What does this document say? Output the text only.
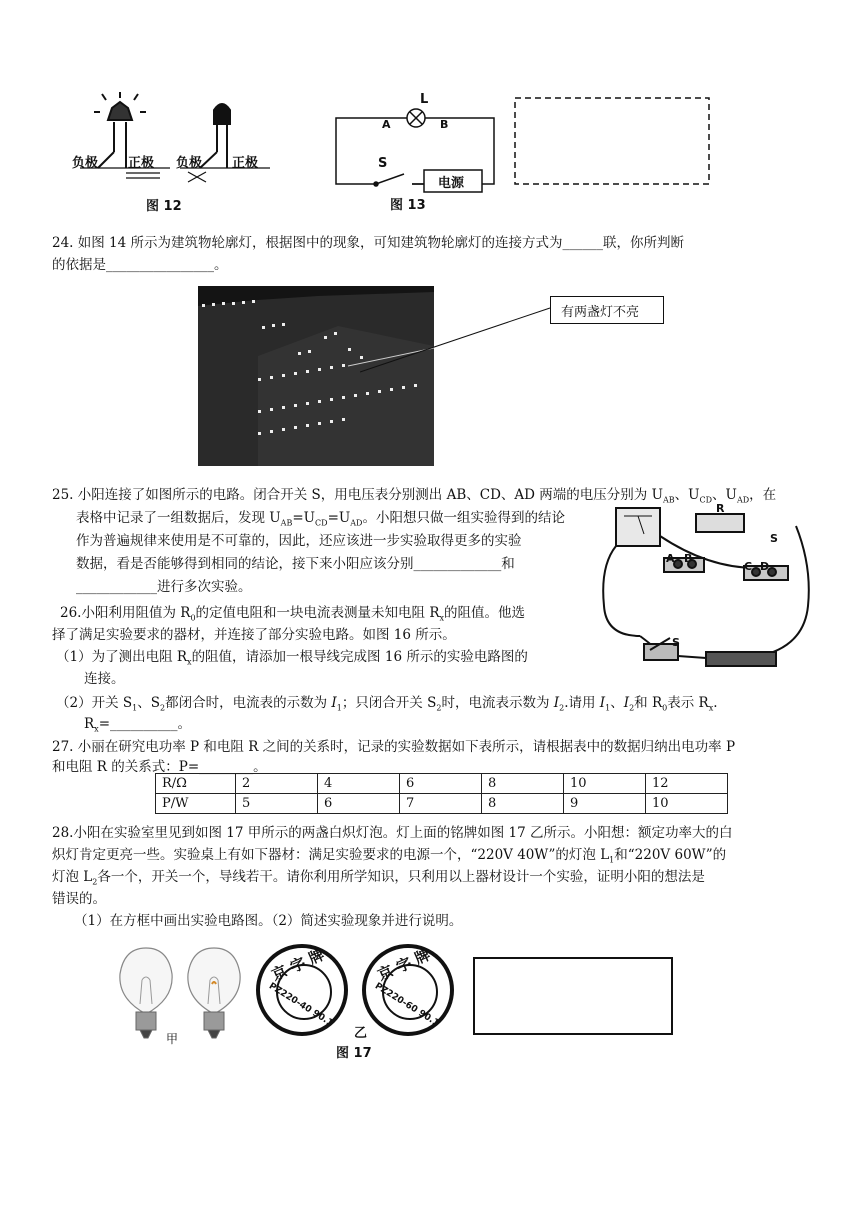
负极 正极 负极 正极
图 12
L
A	B
S
电源
图 13
24. 如图 14 所示为建筑物轮廓灯，根据图中的现象，可知建筑物轮廓灯的连接方式为______联，你所判断
的依据是________________。
有两盏灯不亮
25. 小阳连接了如图所示的电路。闭合开关 S，用电压表分别测出 AB、CD、AD 两端的电压分别为 $U_{AB}$、$U_{CD}$、$U_{AD}$，在
表格中记录了一组数据后，发现 $U_{AB}=U_{CD}=U_{AD}$。小阳想只做一组实验得到的结论
作为普遍规律来使用是不可靠的，因此，还应该进一步实验取得更多的实验
数据，看是否能够得到相同的结论，接下来小阳应该分别_____________和
____________进行多次实验。
A B
C D
R
S
S
26.小阳利用阻值为 $R_0$的定值电阻和一块电流表测量未知电阻 $R_x$的阻值。他选
择了满足实验要求的器材，并连接了部分实验电路。如图 16 所示。
（1）为了测出电阻 $R_x$的阻值，请添加一根导线完成图 16 所示的实验电路图的
连接。
（2）开关 $S_1$、$S_2$都闭合时，电流表的示数为 $I_1$；只闭合开关 $S_2$时，电流表示数为 $I_2$.请用 $I_1$、$I_2$和 $R_0$表示 $R_x$.
$R_x=\_\_\_\_\_\_\_\_\_\_$。
27. 小丽在研究电功率 P 和电阻 R 之间的关系时，记录的实验数据如下表所示，请根据表中的数据归纳出电功率 P
和电阻 R 的关系式：P=________。
R/Ω	2	4	6	8	10	12
P/W	5	6	7	8	9	10
28.小阳在实验室里见到如图 17 甲所示的两盏白炽灯泡。灯上面的铭牌如图 17 乙所示。小阳想：额定功率大的白
炽灯肯定更亮一些。实验桌上有如下器材：满足实验要求的电源一个，“220V 40W”的灯泡 $L_1$和“220V 60W”的
灯泡 $L_2$各一个，开关一个，导线若干。请你利用所学知识，只利用以上器材设计一个实验，证明小阳的想法是
错误的。
（1）在方框中画出实验电路图。（2）简述实验现象并进行说明。
甲
京 字 牌
PZ220-40 90.1
京 字 牌
PZ220-60 90.1
乙
图 17
